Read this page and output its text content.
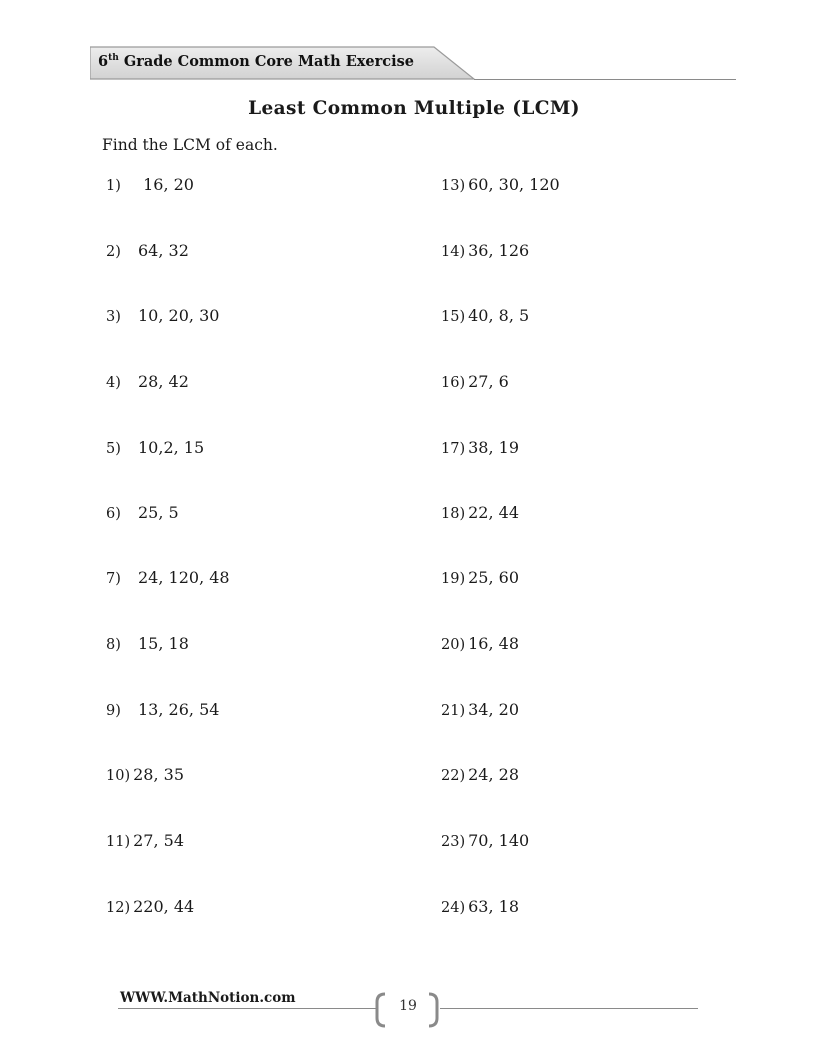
6th Grade Common Core Math Exercise
Least Common Multiple (LCM)
Find the LCM of each.
1) 16, 20
2) 64, 32
3) 10, 20, 30
4) 28, 42
5) 10,2, 15
6) 25, 5
7) 24, 120, 48
8) 15, 18
9) 13, 26, 54
10) 28, 35
11) 27, 54
12) 220, 44
13) 60, 30, 120
14) 36, 126
15) 40, 8, 5
16) 27, 6
17) 38, 19
18) 22, 44
19) 25, 60
20) 16, 48
21) 34, 20
22) 24, 28
23) 70, 140
24) 63, 18
WWW.MathNotion.com	19
